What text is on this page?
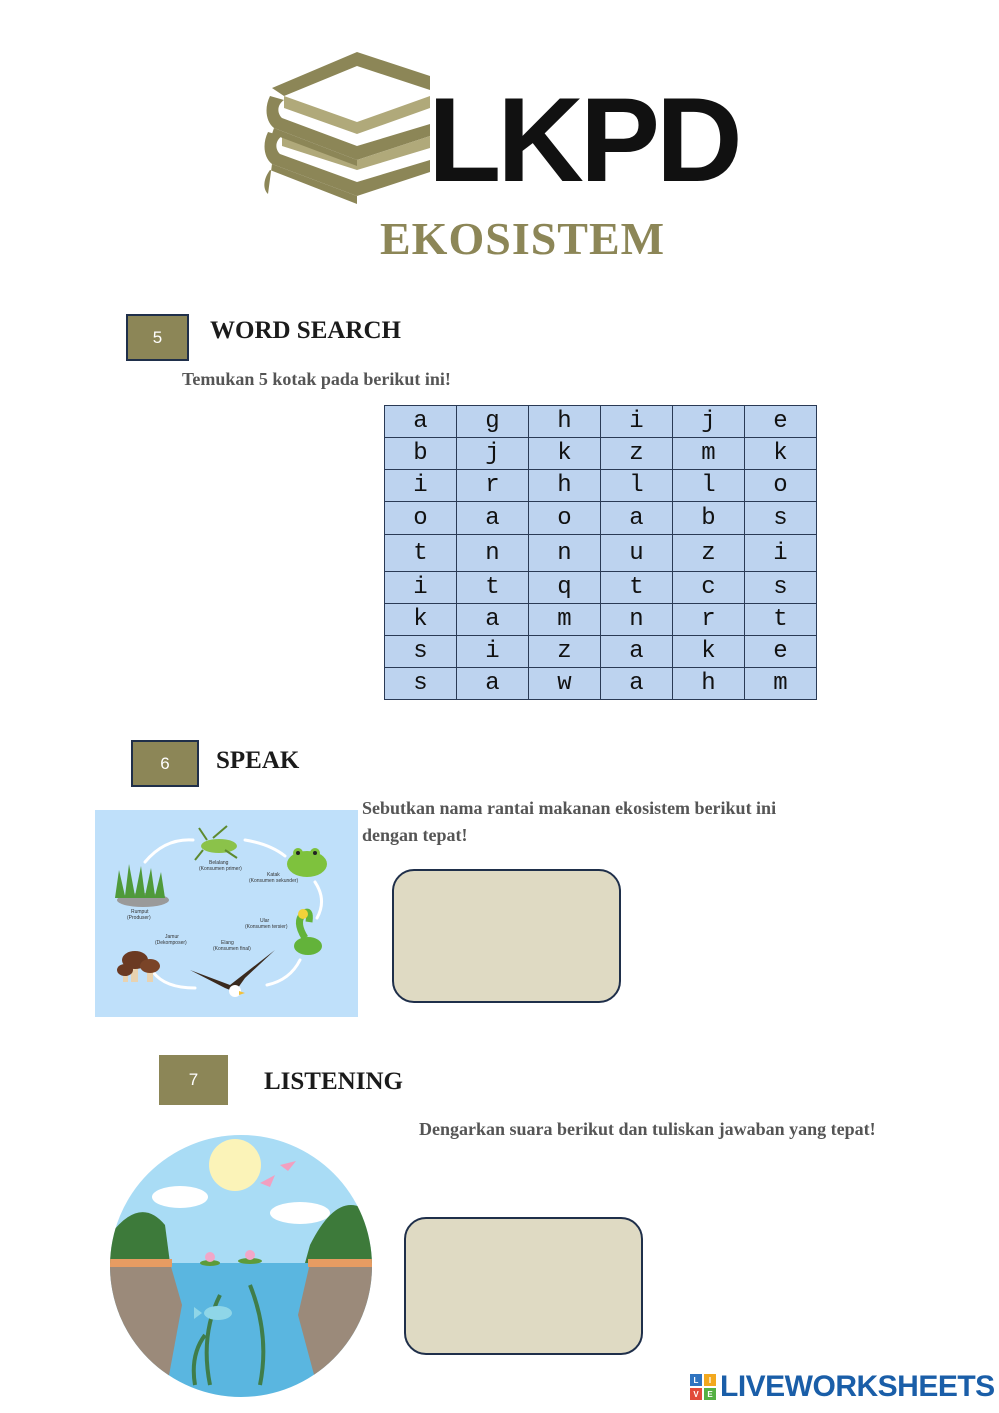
LKPD
EKOSISTEM
5	WORD SEARCH
Temukan 5 kotak pada berikut ini!
a	g	h	i	j	e
b	j	k	z	m	k
i	r	h	l	l	o
o	a	o	a	b	s
t	n	n	u	z	i
i	t	q	t	c	s
k	a	m	n	r	t
s	i	z	a	k	e
s	a	w	a	h	m
6	SPEAK
Sebutkan nama rantai makanan ekosistem berikut ini
dengan tepat!
Rumput
(Produser)
Belalang
(Konsumen primer)
Katak
(Konsumen sekunder)
Ular
(Konsumen tersier)
Elang
(Konsumen final)
Jamur
(Dekomposer)
7	LISTENING
Dengarkan suara berikut dan tuliskan jawaban yang tepat!
L I
V E LIVEWORKSHEETS
